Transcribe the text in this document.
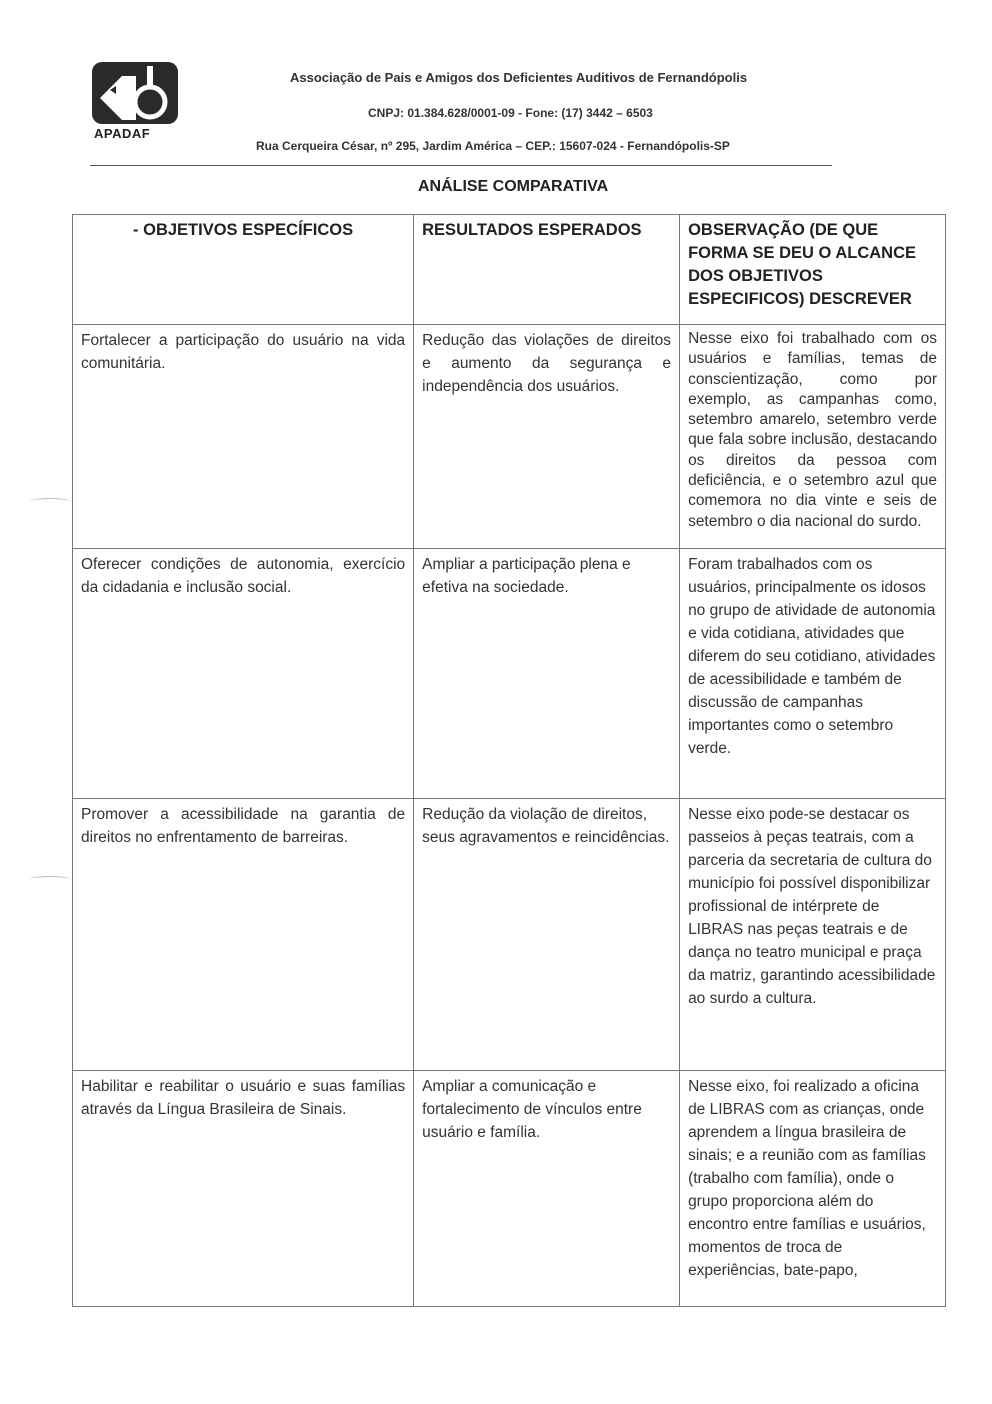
APADAF
Associação de Pais e Amigos dos Deficientes Auditivos de Fernandópolis
CNPJ: 01.384.628/0001-09 - Fone: (17) 3442 – 6503
Rua Cerqueira César, nº 295, Jardim América – CEP.: 15607-024 - Fernandópolis-SP
ANÁLISE COMPARATIVA
- OBJETIVOS ESPECÍFICOS	RESULTADOS ESPERADOS	OBSERVAÇÃO (DE QUE FORMA SE DEU O ALCANCE DOS OBJETIVOS ESPECIFICOS) DESCREVER
Fortalecer a participação do usuário na vida comunitária.	Redução das violações de direitos e aumento da segurança e independência dos usuários.	Nesse eixo foi trabalhado com os usuários e famílias, temas de conscientização, como por exemplo, as campanhas como, setembro amarelo, setembro verde que fala sobre inclusão, destacando os direitos da pessoa com deficiência, e o setembro azul que comemora no dia vinte e seis de setembro o dia nacional do surdo.
Oferecer condições de autonomia, exercício da cidadania e inclusão social.	Ampliar a participação plena e efetiva na sociedade.	Foram trabalhados com os usuários, principalmente os idosos no grupo de atividade de autonomia e vida cotidiana, atividades que diferem do seu cotidiano, atividades de acessibilidade e também de discussão de campanhas importantes como o setembro verde.
Promover a acessibilidade na garantia de direitos no enfrentamento de barreiras.	Redução da violação de direitos, seus agravamentos e reincidências.	Nesse eixo pode-se destacar os passeios à peças teatrais, com a parceria da secretaria de cultura do município foi possível disponibilizar profissional de intérprete de LIBRAS nas peças teatrais e de dança no teatro municipal e praça da matriz, garantindo acessibilidade ao surdo a cultura.
Habilitar e reabilitar o usuário e suas famílias através da Língua Brasileira de Sinais.	Ampliar a comunicação e fortalecimento de vínculos entre usuário e família.	Nesse eixo, foi realizado a oficina de LIBRAS com as crianças, onde aprendem a língua brasileira de sinais; e a reunião com as famílias (trabalho com família), onde o grupo proporciona além do encontro entre famílias e usuários, momentos de troca de experiências, bate-papo,
